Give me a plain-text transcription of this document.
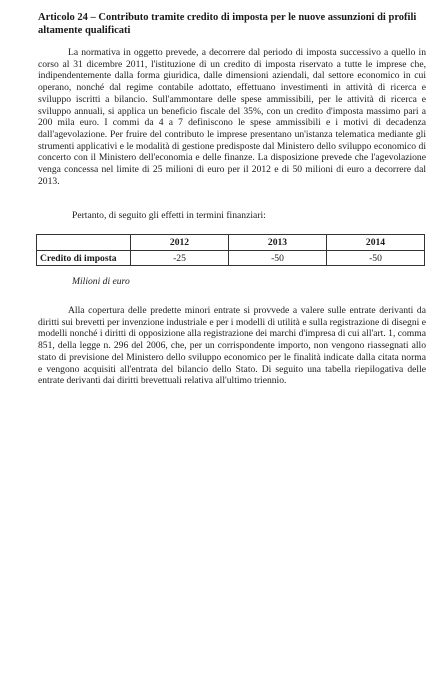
Articolo 24 – Contributo tramite credito di imposta per le nuove assunzioni di profili altamente qualificati
La normativa in oggetto prevede, a decorrere dal periodo di imposta successivo a quello in corso al 31 dicembre 2011, l'istituzione di un credito di imposta riservato a tutte le imprese che, indipendentemente dalla forma giuridica, dalle dimensioni aziendali, dal settore economico in cui operano, nonché dal regime contabile adottato, effettuano investimenti in attività di ricerca e sviluppo iscritti a bilancio. Sull'ammontare delle spese ammissibili, per le attività di ricerca e sviluppo annuali, si applica un beneficio fiscale del 35%, con un credito d'imposta massimo pari a 200 mila euro. I commi da 4 a 7 definiscono le spese ammissibili e i motivi di decadenza dall'agevolazione. Per fruire del contributo le imprese presentano un'istanza telematica mediante gli strumenti applicativi e le modalità di gestione predisposte dal Ministero dello sviluppo economico di concerto con il Ministero dell'economia e delle finanze. La disposizione prevede che l'agevolazione venga concessa nel limite di 25 milioni di euro per il 2012 e di 50 milioni di euro a decorrere dal 2013.
Pertanto, di seguito gli effetti in termini finanziari:
	2012	2013	2014
Credito di imposta	-25	-50	-50
Milioni di euro
Alla copertura delle predette minori entrate si provvede a valere sulle entrate derivanti da diritti sui brevetti per invenzione industriale e per i modelli di utilità e sulla registrazione di disegni e modelli nonché i diritti di opposizione alla registrazione dei marchi d'impresa di cui all'art. 1, comma 851, della legge n. 296 del 2006, che, per un corrispondente importo, non vengono riassegnati allo stato di previsione del Ministero dello sviluppo economico per le finalità indicate dalla citata norma e vengono acquisiti all'entrata del bilancio dello Stato. Di seguito una tabella riepilogativa delle entrate derivanti dai diritti brevettuali relativa all'ultimo triennio.
